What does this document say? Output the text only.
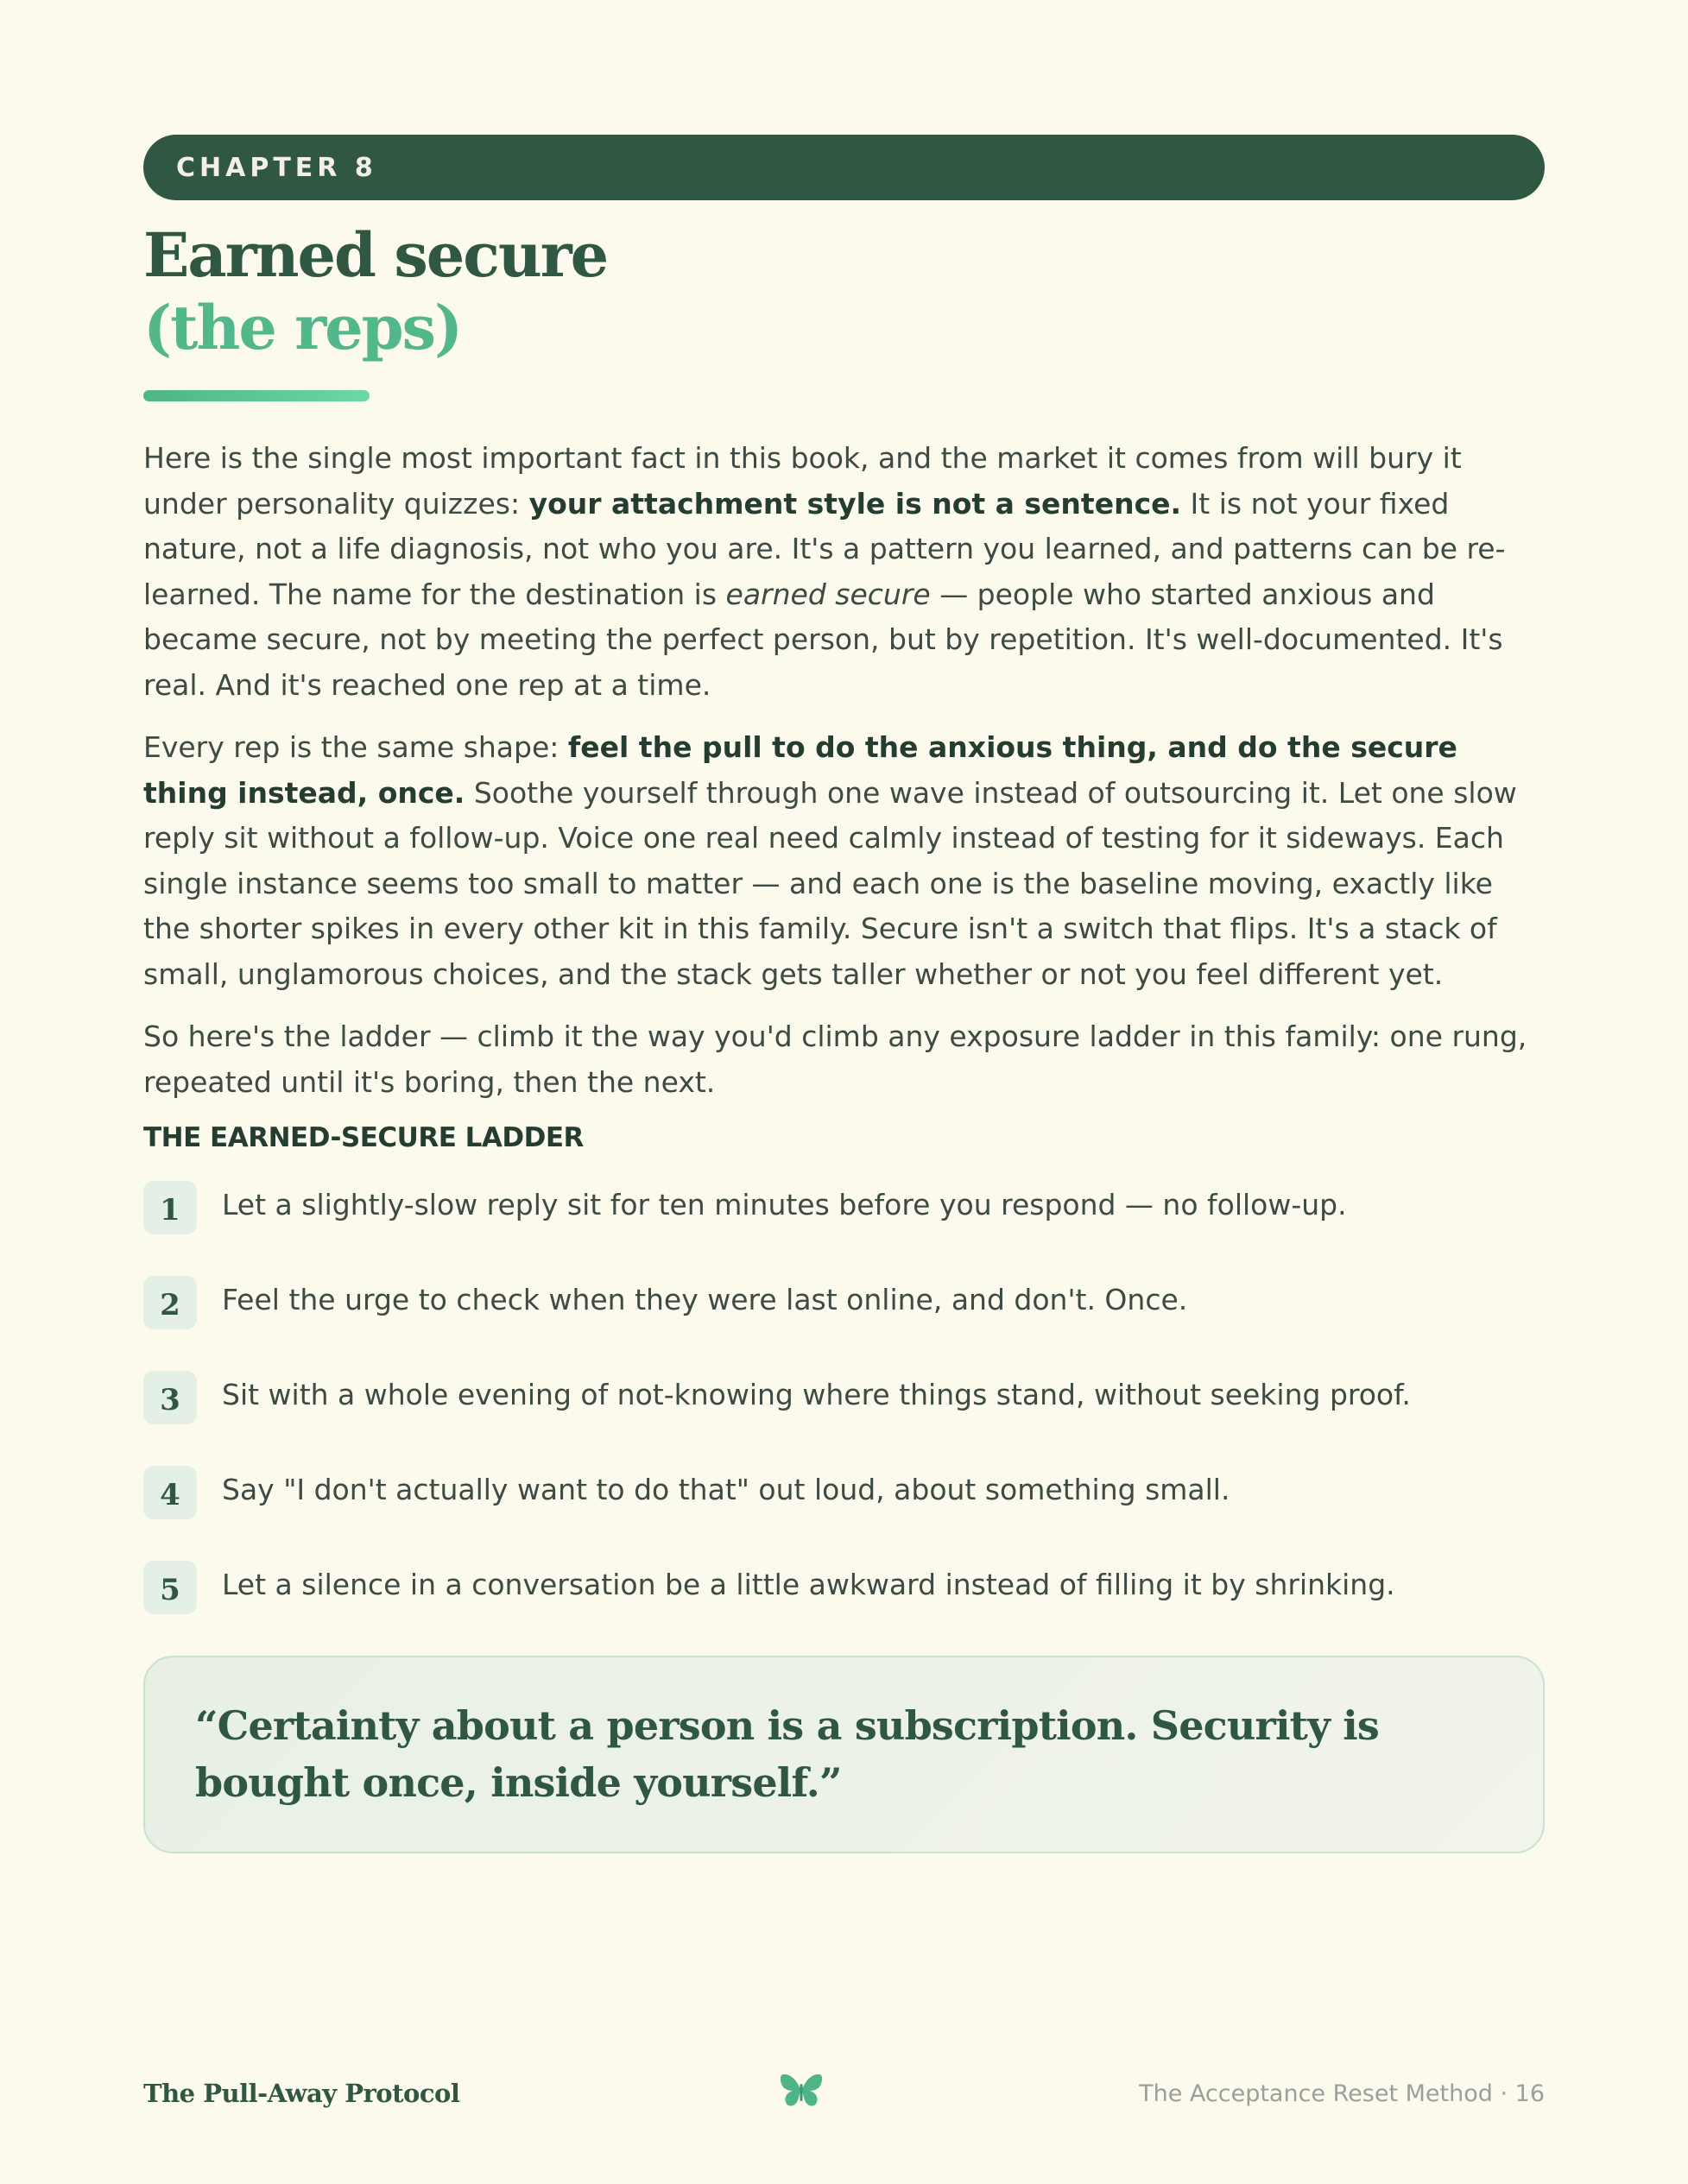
CHAPTER 8
Earned secure
(the reps)

Here is the single most important fact in this book, and the market it comes from will bury it under personality quizzes: your attachment style is not a sentence. It is not your fixed nature, not a life diagnosis, not who you are. It's a pattern you learned, and patterns can be re-learned. The name for the destination is earned secure — people who started anxious and became secure, not by meeting the perfect person, but by repetition. It's well-documented. It's real. And it's reached one rep at a time.

Every rep is the same shape: feel the pull to do the anxious thing, and do the secure thing instead, once. Soothe yourself through one wave instead of outsourcing it. Let one slow reply sit without a follow-up. Voice one real need calmly instead of testing for it sideways. Each single instance seems too small to matter — and each one is the baseline moving, exactly like the shorter spikes in every other kit in this family. Secure isn't a switch that flips. It's a stack of small, unglamorous choices, and the stack gets taller whether or not you feel different yet.

So here's the ladder — climb it the way you'd climb any exposure ladder in this family: one rung, repeated until it's boring, then the next.

THE EARNED-SECURE LADDER
1	Let a slightly-slow reply sit for ten minutes before you respond — no follow-up.
2	Feel the urge to check when they were last online, and don't. Once.
3	Sit with a whole evening of not-knowing where things stand, without seeking proof.
4	Say "I don't actually want to do that" out loud, about something small.
5	Let a silence in a conversation be a little awkward instead of filling it by shrinking.
“Certainty about a person is a subscription. Security is bought once, inside yourself.”
The Pull-Away Protocol	The Acceptance Reset Method · 16
